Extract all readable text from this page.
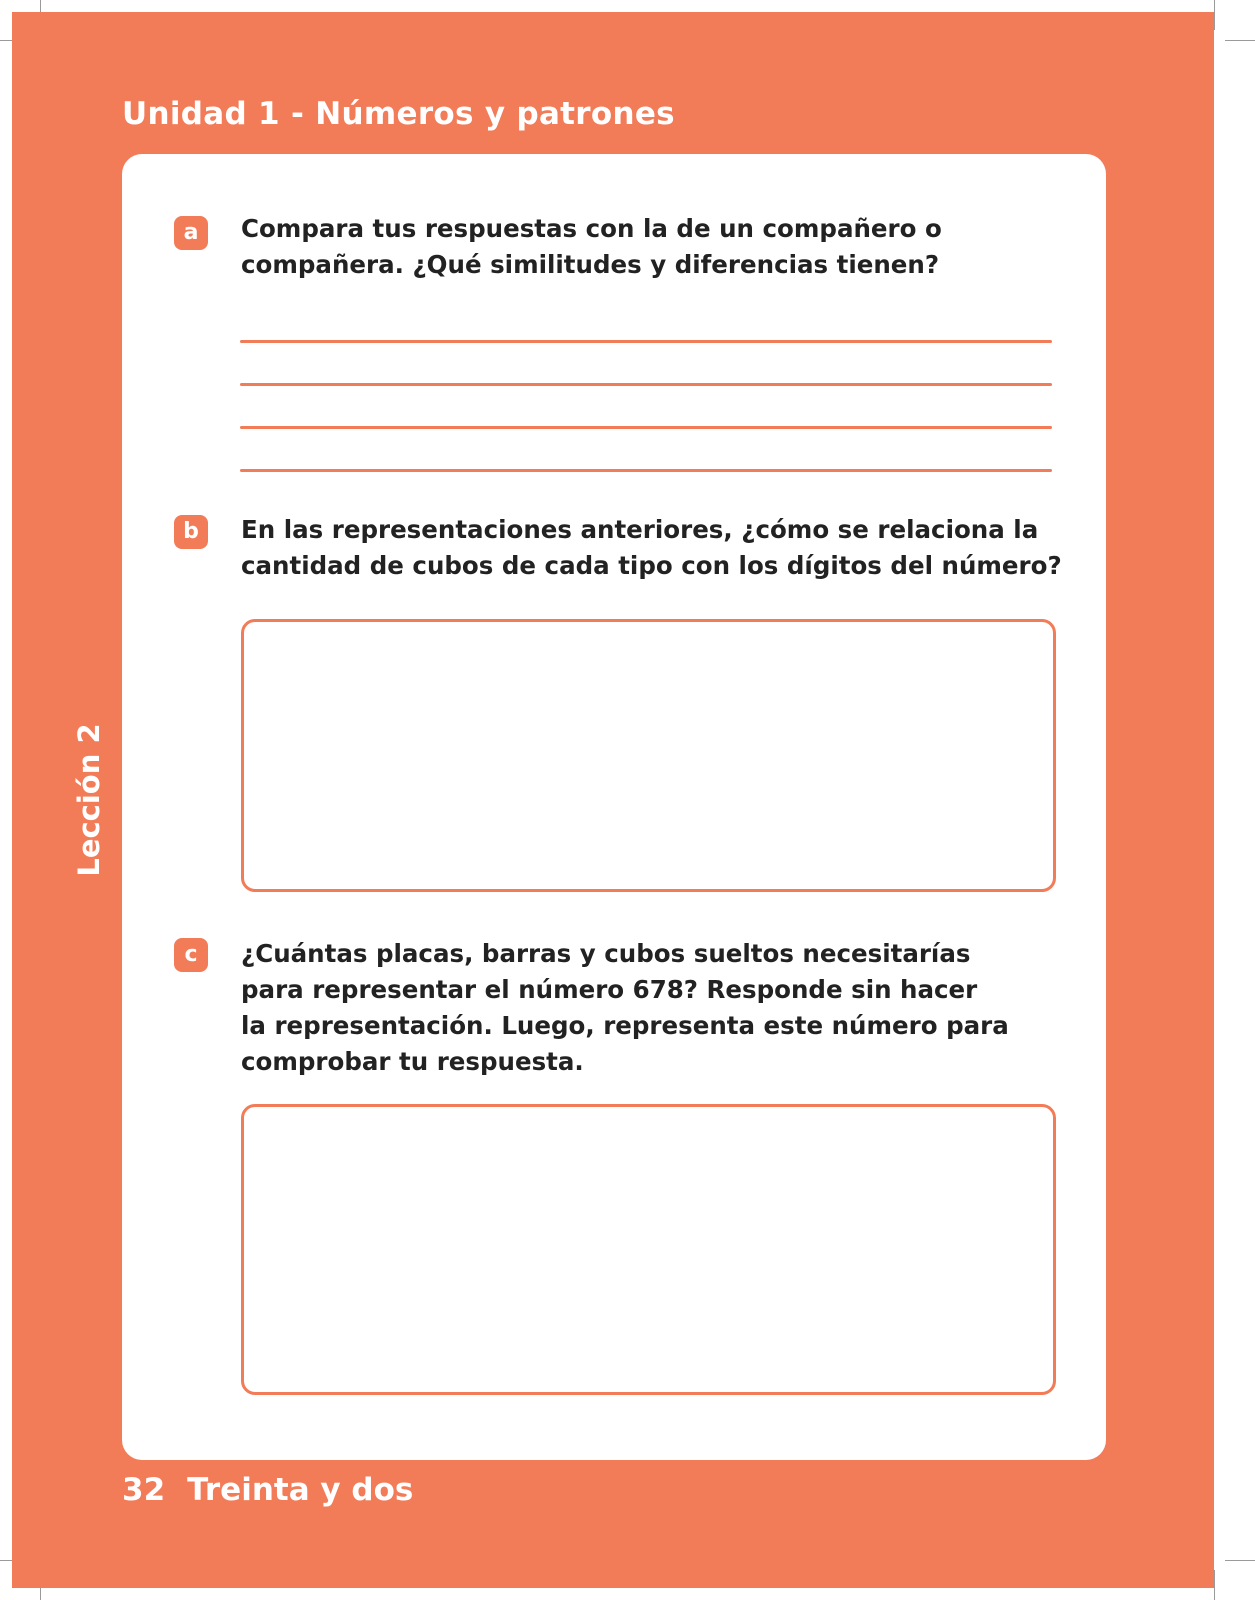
Unidad 1 - Números y patrones
Lección 2
a	Compara tus respuestas con la de un compañero o
compañera. ¿Qué similitudes y diferencias tienen?
b	En las representaciones anteriores, ¿cómo se relaciona la
cantidad de cubos de cada tipo con los dígitos del número?
c	¿Cuántas placas, barras y cubos sueltos necesitarías
para representar el número 678? Responde sin hacer
la representación. Luego, representa este número para
comprobar tu respuesta.
32 Treinta y dos
